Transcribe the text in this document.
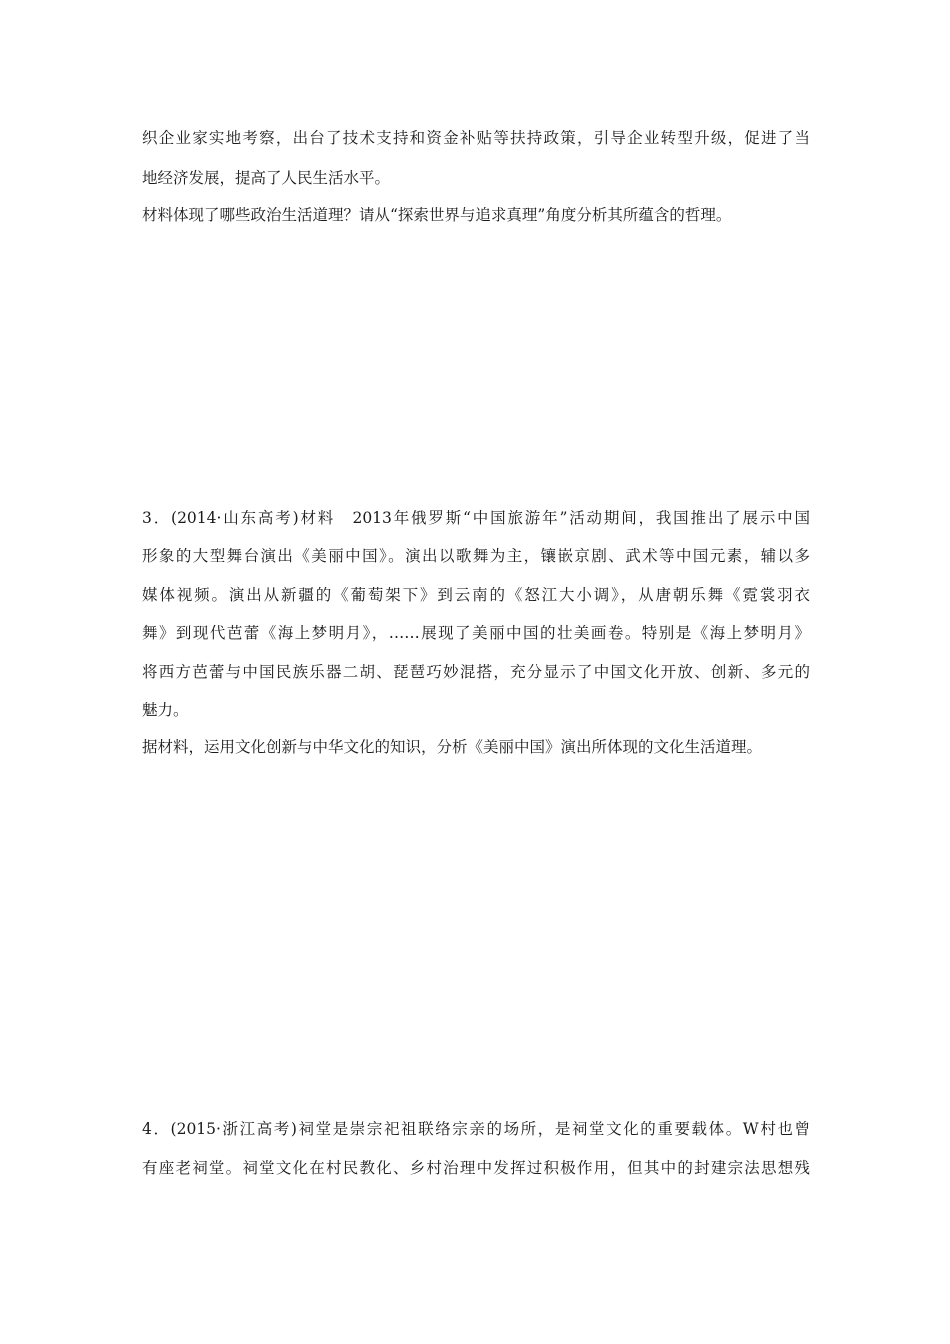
织企业家实地考察，出台了技术支持和资金补贴等扶持政策，引导企业转型升级，促进了当
地经济发展，提高了人民生活水平。
材料体现了哪些政治生活道理？请从“探索世界与追求真理”角度分析其所蕴含的哲理。
3．(2014·山东高考)材料　2013年俄罗斯“中国旅游年”活动期间，我国推出了展示中国
形象的大型舞台演出《美丽中国》。演出以歌舞为主，镶嵌京剧、武术等中国元素，辅以多
媒体视频。演出从新疆的《葡萄架下》到云南的《怒江大小调》，从唐朝乐舞《霓裳羽衣
舞》到现代芭蕾《海上梦明月》，……展现了美丽中国的壮美画卷。特别是《海上梦明月》
将西方芭蕾与中国民族乐器二胡、琵琶巧妙混搭，充分显示了中国文化开放、创新、多元的
魅力。
据材料，运用文化创新与中华文化的知识，分析《美丽中国》演出所体现的文化生活道理。
4．(2015·浙江高考)祠堂是崇宗祀祖联络宗亲的场所，是祠堂文化的重要载体。W村也曾
有座老祠堂。祠堂文化在村民教化、乡村治理中发挥过积极作用，但其中的封建宗法思想残
